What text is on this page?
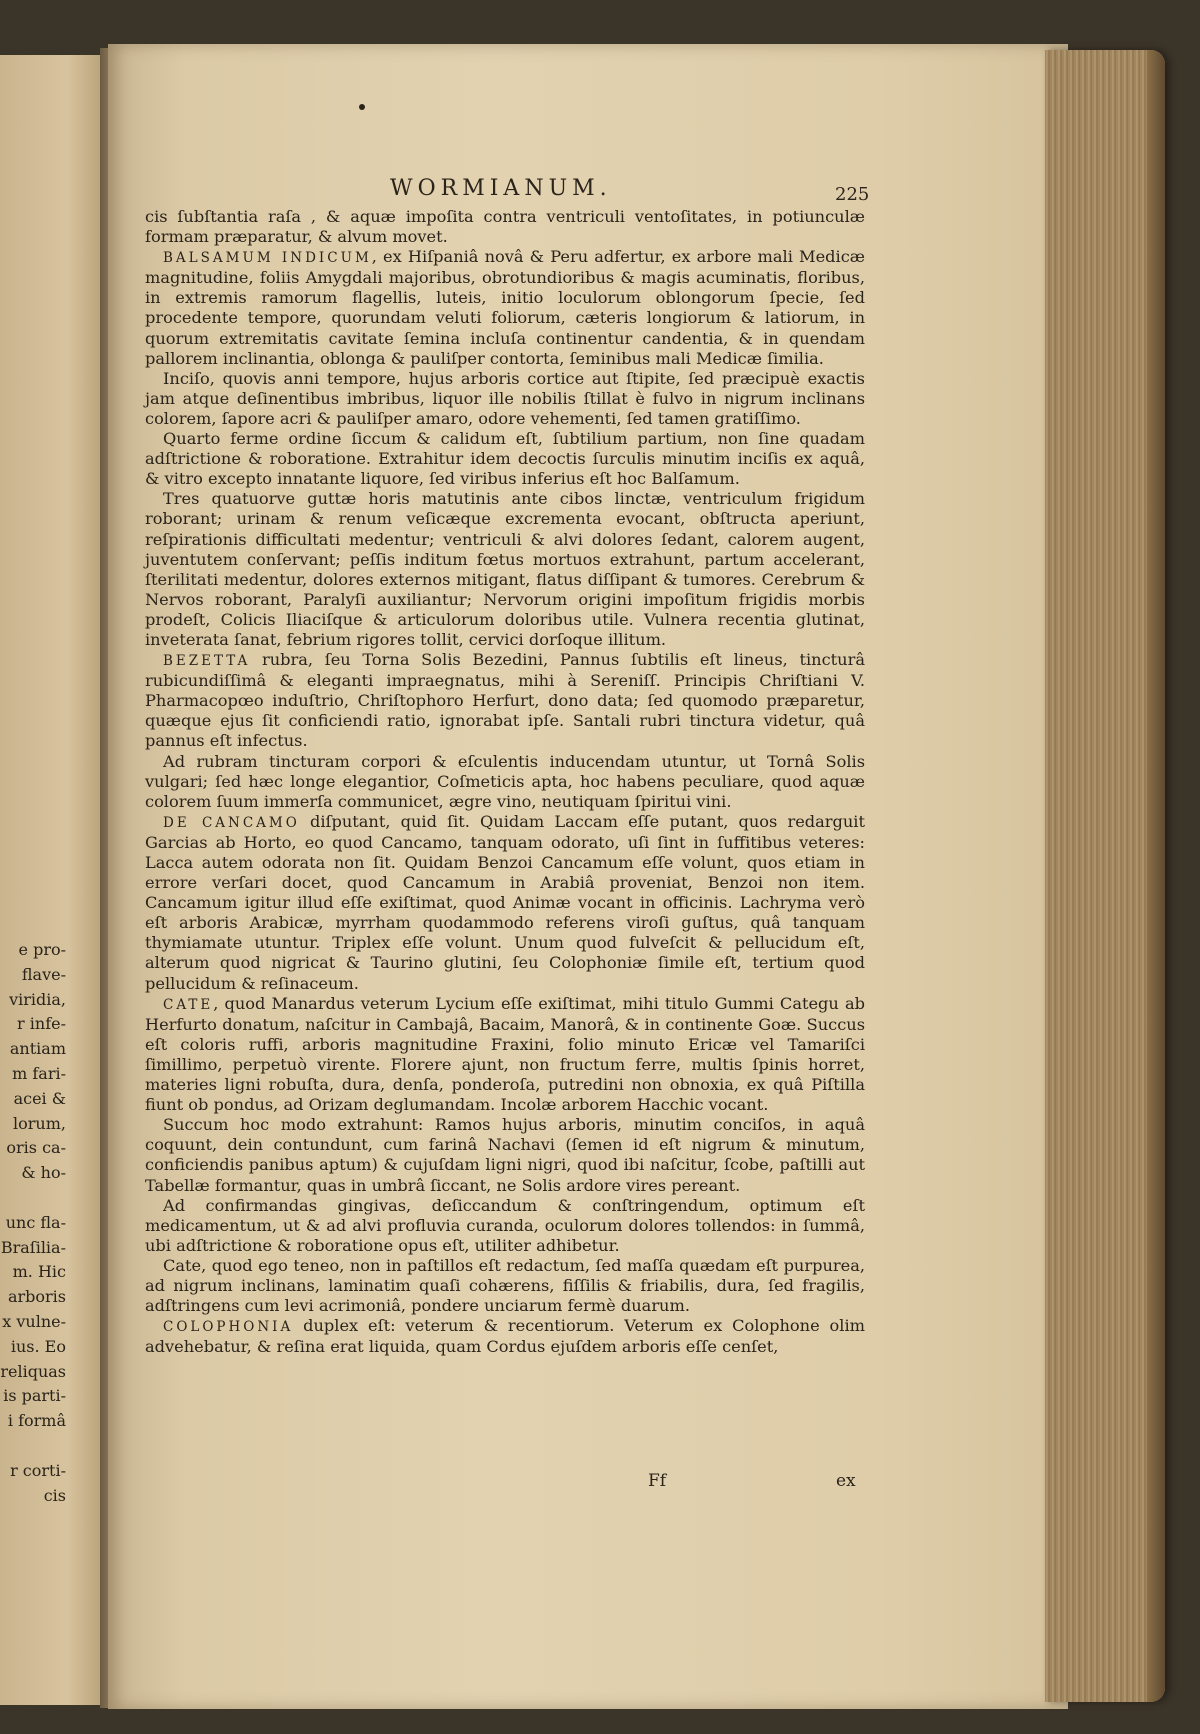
e pro-
flave-
viridia,
r infe-
antiam
m fari-
acei &
lorum,
oris ca-
& ho-
unc fla-
Braſilia-
m. Hic
arboris
x vulne-
ius. Eo
reliquas
is parti-
i formâ
r corti-
cis
WORMIANUM.	225

cis ſubſtantia raſa , & aquæ impoſita contra ventriculi ventoſitates, in potiunculæ formam præparatur, & alvum movet.

BALSAMUM INDICUM, ex Hiſpaniâ novâ & Peru adfertur, ex arbore mali Medicæ magnitudine, foliis Amygdali majoribus, obrotundioribus & magis acuminatis, floribus, in extremis ramorum flagellis, luteis, initio loculorum oblongorum ſpecie, ſed procedente tempore, quorundam veluti foliorum, cæteris longiorum & latiorum, in quorum extremitatis cavitate ſemina incluſa continentur candentia, & in quendam pallorem inclinantia, oblonga & pauliſper contorta, ſeminibus mali Medicæ ſimilia.

Inciſo, quovis anni tempore, hujus arboris cortice aut ſtipite, ſed præcipuè exactis jam atque deſinentibus imbribus, liquor ille nobilis ſtillat è fulvo in nigrum inclinans colorem, ſapore acri & pauliſper amaro, odore vehementi, ſed tamen gratiſſimo.

Quarto ferme ordine ſiccum & calidum eſt, ſubtilium partium, non ſine quadam adſtrictione & roboratione. Extrahitur idem decoctis ſurculis minutim inciſis ex aquâ, & vitro excepto innatante liquore, ſed viribus inferius eſt hoc Balſamum.

Tres quatuorve guttæ horis matutinis ante cibos linctæ, ventriculum frigidum roborant; urinam & renum veſicæque excrementa evocant, obſtructa aperiunt, reſpirationis difficultati medentur; ventriculi & alvi dolores ſedant, calorem augent, juventutem conſervant; peſſis inditum fœtus mortuos extrahunt, partum accelerant, ſterilitati medentur, dolores externos mitigant, flatus diſſipant & tumores. Cerebrum & Nervos roborant, Paralyſi auxiliantur; Nervorum origini impoſitum frigidis morbis prodeſt, Colicis Iliaciſque & articulorum doloribus utile. Vulnera recentia glutinat, inveterata ſanat, febrium rigores tollit, cervici dorſoque illitum.

BEZETTA rubra, ſeu Torna Solis Bezedini, Pannus ſubtilis eſt lineus, tincturâ rubicundiſſimâ & eleganti impraegnatus, mihi à Sereniſſ. Principis Chriſtiani V. Pharmacopœo induſtrio, Chriſtophoro Herfurt, dono data; ſed quomodo præparetur, quæque ejus ſit conficiendi ratio, ignorabat ipſe. Santali rubri tinctura videtur, quâ pannus eſt infectus.

Ad rubram tincturam corpori & eſculentis inducendam utuntur, ut Tornâ Solis vulgari; ſed hæc longe elegantior, Coſmeticis apta, hoc habens peculiare, quod aquæ colorem ſuum immerſa communicet, ægre vino, neutiquam ſpiritui vini.

DE CANCAMO diſputant, quid ſit. Quidam Laccam eſſe putant, quos redarguit Garcias ab Horto, eo quod Cancamo, tanquam odorato, uſi ſint in ſuffitibus veteres: Lacca autem odorata non ſit. Quidam Benzoi Cancamum eſſe volunt, quos etiam in errore verſari docet, quod Cancamum in Arabiâ proveniat, Benzoi non item. Cancamum igitur illud eſſe exiſtimat, quod Animæ vocant in officinis. Lachryma verò eſt arboris Arabicæ, myrrham quodammodo referens viroſi guſtus, quâ tanquam thymiamate utuntur. Triplex eſſe volunt. Unum quod fulveſcit & pellucidum eſt, alterum quod nigricat & Taurino glutini, ſeu Colophoniæ ſimile eſt, tertium quod pellucidum & reſinaceum.

CATE, quod Manardus veterum Lycium eſſe exiſtimat, mihi titulo Gummi Categu ab Herfurto donatum, naſcitur in Cambajâ, Bacaim, Manorâ, & in continente Goæ. Succus eſt coloris ruffi, arboris magnitudine Fraxini, folio minuto Ericæ vel Tamariſci ſimillimo, perpetuò virente. Florere ajunt, non fructum ferre, multis ſpinis horret, materies ligni robuſta, dura, denſa, ponderoſa, putredini non obnoxia, ex quâ Piſtilla fiunt ob pondus, ad Orizam deglumandam. Incolæ arborem Hacchic vocant.

Succum hoc modo extrahunt: Ramos hujus arboris, minutim conciſos, in aquâ coquunt, dein contundunt, cum farinâ Nachavi (ſemen id eſt nigrum & minutum, conficiendis panibus aptum) & cujuſdam ligni nigri, quod ibi naſcitur, ſcobe, paſtilli aut Tabellæ formantur, quas in umbrâ ſiccant, ne Solis ardore vires pereant.

Ad confirmandas gingivas, deſiccandum & conſtringendum, optimum eſt medicamentum, ut & ad alvi profluvia curanda, oculorum dolores tollendos: in ſummâ, ubi adſtrictione & roboratione opus eſt, utiliter adhibetur.

Cate, quod ego teneo, non in paſtillos eſt redactum, ſed maſſa quædam eſt purpurea, ad nigrum inclinans, laminatim quaſi cohærens, fiſſilis & friabilis, dura, ſed fragilis, adſtringens cum levi acrimoniâ, pondere unciarum fermè duarum.

COLOPHONIA duplex eſt: veterum & recentiorum. Veterum ex Colophone olim advehebatur, & reſina erat liquida, quam Cordus ejuſdem arboris eſſe cenſet,

Ff	ex
